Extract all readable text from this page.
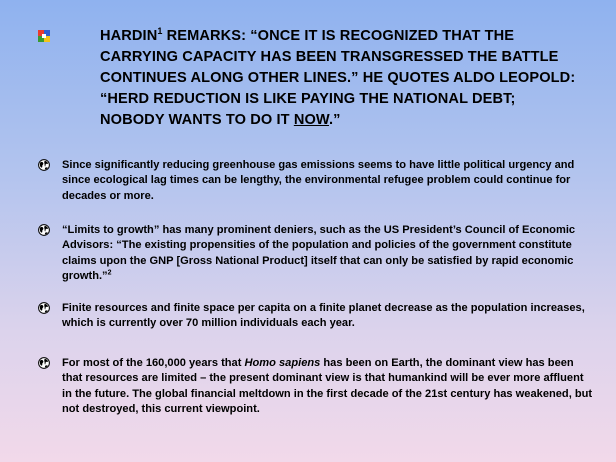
HARDIN$^1$ REMARKS: “ONCE IT IS RECOGNIZED THAT THE CARRYING CAPACITY HAS BEEN TRANSGRESSED THE BATTLE CONTINUES ALONG OTHER LINES.” HE QUOTES ALDO LEOPOLD: “HERD REDUCTION IS LIKE PAYING THE NATIONAL DEBT; NOBODY WANTS TO DO IT NOW.”
Since significantly reducing greenhouse gas emissions seems to have little political urgency and since ecological lag times can be lengthy, the environmental refugee problem could continue for decades or more.
“Limits to growth” has many prominent deniers, such as the US President’s Council of Economic Advisors: “The existing propensities of the population and policies of the government constitute claims upon the GNP [Gross National Product] itself that can only be satisfied by rapid economic growth.”$^2$
Finite resources and finite space per capita on a finite planet decrease as the population increases, which is currently over 70 million individuals each year.
For most of the 160,000 years that Homo sapiens has been on Earth, the dominant view has been that resources are limited – the present dominant view is that humankind will be ever more affluent in the future. The global financial meltdown in the first decade of the 21st century has weakened, but not destroyed, this current viewpoint.
